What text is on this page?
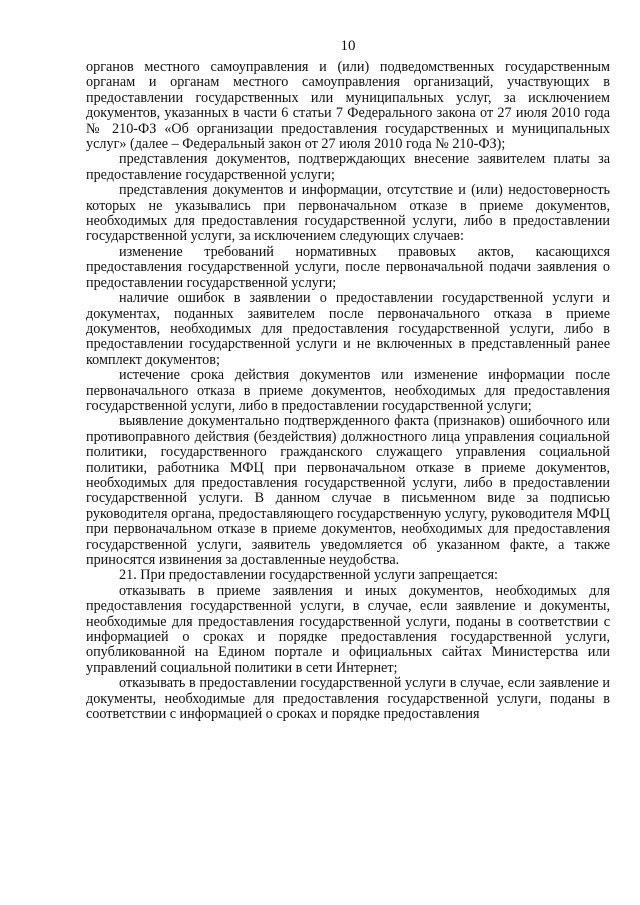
10

органов местного самоуправления и (или) подведомственных государственным органам и органам местного самоуправления организаций, участвующих в предоставлении государственных или муниципальных услуг, за исключением документов, указанных в части 6 статьи 7 Федерального закона от 27 июля 2010 года № 210-ФЗ «Об организации предоставления государственных и муниципальных услуг» (далее – Федеральный закон от 27 июля 2010 года № 210-ФЗ);

представления документов, подтверждающих внесение заявителем платы за предоставление государственной услуги;

представления документов и информации, отсутствие и (или) недостоверность которых не указывались при первоначальном отказе в приеме документов, необходимых для предоставления государственной услуги, либо в предоставлении государственной услуги, за исключением следующих случаев:

изменение требований нормативных правовых актов, касающихся предоставления государственной услуги, после первоначальной подачи заявления о предоставлении государственной услуги;

наличие ошибок в заявлении о предоставлении государственной услуги и документах, поданных заявителем после первоначального отказа в приеме документов, необходимых для предоставления государственной услуги, либо в предоставлении государственной услуги и не включенных в представленный ранее комплект документов;

истечение срока действия документов или изменение информации после первоначального отказа в приеме документов, необходимых для предоставления государственной услуги, либо в предоставлении государственной услуги;

выявление документально подтвержденного факта (признаков) ошибочного или противоправного действия (бездействия) должностного лица управления социальной политики, государственного гражданского служащего управления социальной политики, работника МФЦ при первоначальном отказе в приеме документов, необходимых для предоставления государственной услуги, либо в предоставлении государственной услуги. В данном случае в письменном виде за подписью руководителя органа, предоставляющего государственную услугу, руководителя МФЦ при первоначальном отказе в приеме документов, необходимых для предоставления государственной услуги, заявитель уведомляется об указанном факте, а также приносятся извинения за доставленные неудобства.

21. При предоставлении государственной услуги запрещается:

отказывать в приеме заявления и иных документов, необходимых для предоставления государственной услуги, в случае, если заявление и документы, необходимые для предоставления государственной услуги, поданы в соответствии с информацией о сроках и порядке предоставления государственной услуги, опубликованной на Едином портале и официальных сайтах Министерства или управлений социальной политики в сети Интернет;

отказывать в предоставлении государственной услуги в случае, если заявление и документы, необходимые для предоставления государственной услуги, поданы в соответствии с информацией о сроках и порядке предоставления
